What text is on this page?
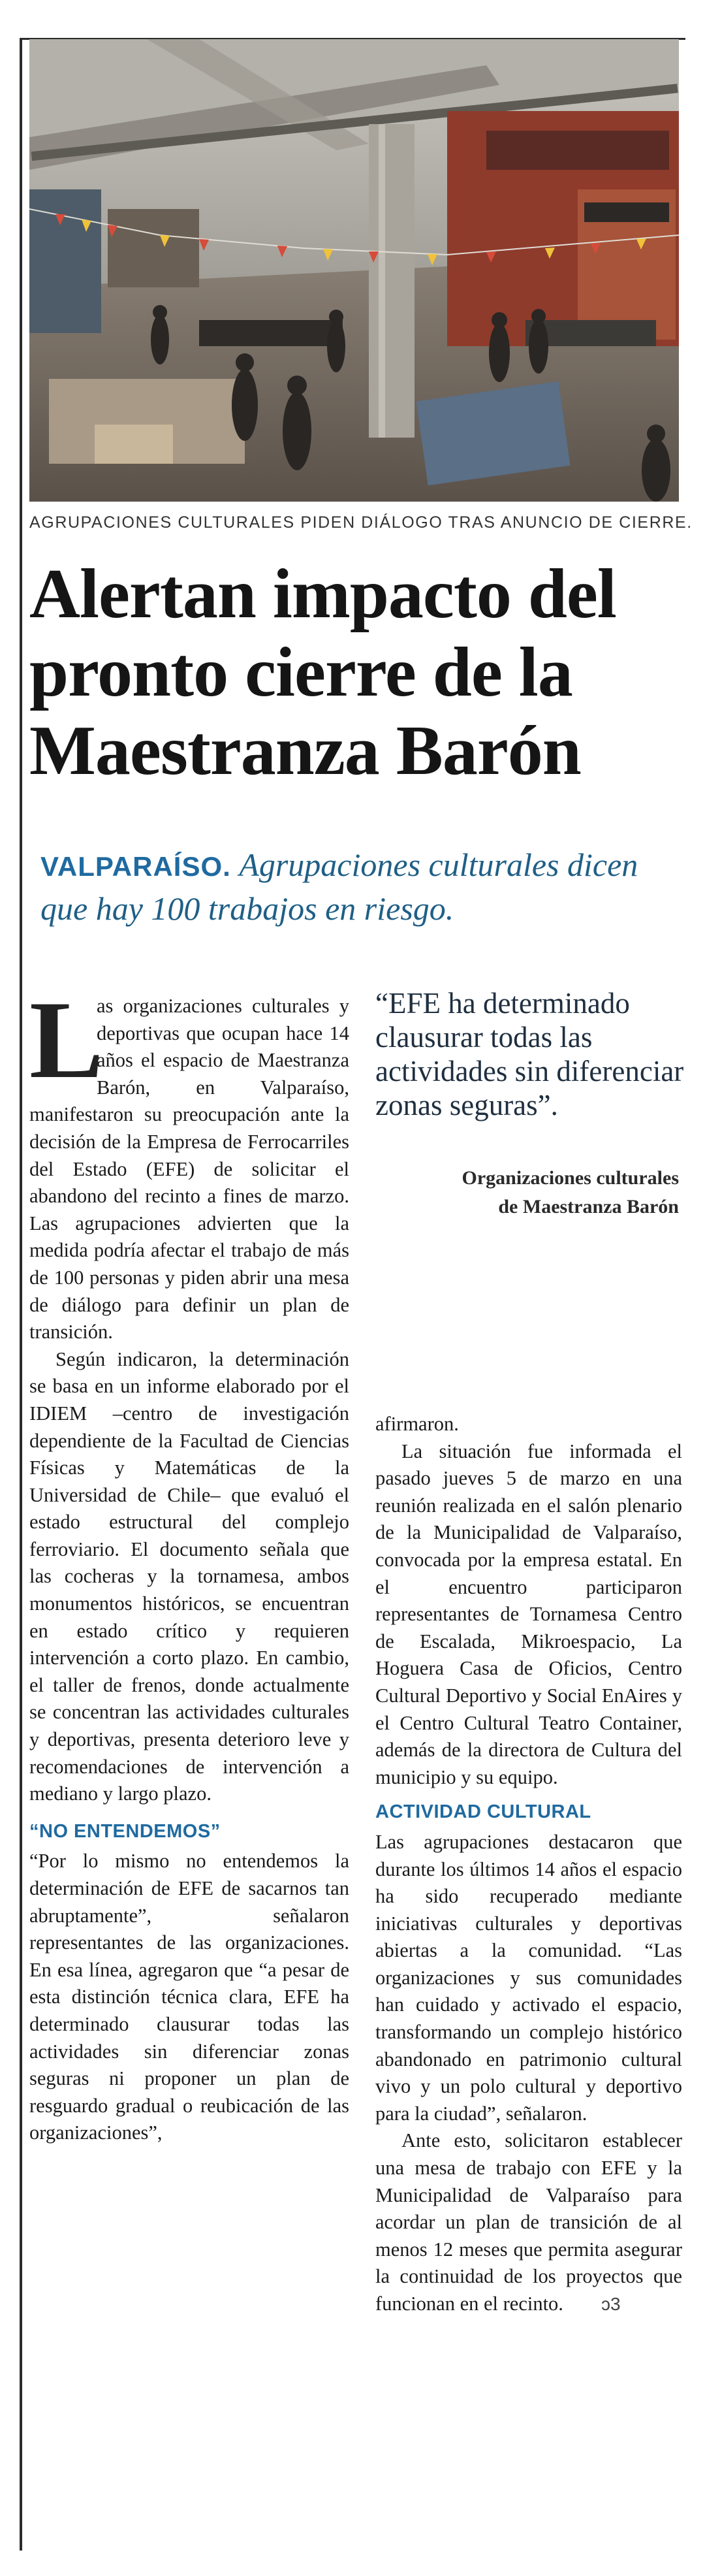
AGRUPACIONES CULTURALES PIDEN DIÁLOGO TRAS ANUNCIO DE CIERRE.
Alertan impacto del
pronto cierre de la
Maestranza Barón
VALPARAÍSO. Agrupaciones culturales dicen que hay 100 trabajos en riesgo.

L
as organizaciones culturales y deportivas que ocupan hace 14 años el espacio de Maestranza Barón, en Valparaíso, manifestaron su preocupación ante la decisión de la Empresa de Ferrocarriles del Estado (EFE) de solicitar el abandono del recinto a fines de marzo. Las agrupaciones advierten que la medida podría afectar el trabajo de más de 100 personas y piden abrir una mesa de diálogo para definir un plan de transición.

Según indicaron, la determinación se basa en un informe elaborado por el IDIEM –centro de investigación dependiente de la Facultad de Ciencias Físicas y Matemáticas de la Universidad de Chile– que evaluó el estado estructural del complejo ferroviario. El documento señala que las cocheras y la tornamesa, ambos monumentos históricos, se encuentran en estado crítico y requieren intervención a corto plazo. En cambio, el taller de frenos, donde actualmente se concentran las actividades culturales y deportivas, presenta deterioro leve y recomendaciones de intervención a mediano y largo plazo.

“NO ENTENDEMOS”

“Por lo mismo no entendemos la determinación de EFE de sacarnos tan abruptamente”, señalaron representantes de las organizaciones. En esa línea, agregaron que “a pesar de esta distinción técnica clara, EFE ha determinado clausurar todas las actividades sin diferenciar zonas seguras ni proponer un plan de resguardo gradual o reubicación de las organizaciones”,

“EFE ha determinado clausurar todas las actividades sin diferenciar zonas seguras”.
Organizaciones culturales
de Maestranza Barón

afirmaron.

La situación fue informada el pasado jueves 5 de marzo en una reunión realizada en el salón plenario de la Municipalidad de Valparaíso, convocada por la empresa estatal. En el encuentro participaron representantes de Tornamesa Centro de Escalada, Mikroespacio, La Hoguera Casa de Oficios, Centro Cultural Deportivo y Social EnAires y el Centro Cultural Teatro Container, además de la directora de Cultura del municipio y su equipo.

ACTIVIDAD CULTURAL

Las agrupaciones destacaron que durante los últimos 14 años el espacio ha sido recuperado mediante iniciativas culturales y deportivas abiertas a la comunidad. “Las organizaciones y sus comunidades han cuidado y activado el espacio, transformando un complejo histórico abandonado en patrimonio cultural vivo y un polo cultural y deportivo para la ciudad”, señalaron.

Ante esto, solicitaron establecer una mesa de trabajo con EFE y la Municipalidad de Valparaíso para acordar un plan de transición de al menos 12 meses que permita asegurar la continuidad de los proyectos que funcionan en el recinto. ↄ3
